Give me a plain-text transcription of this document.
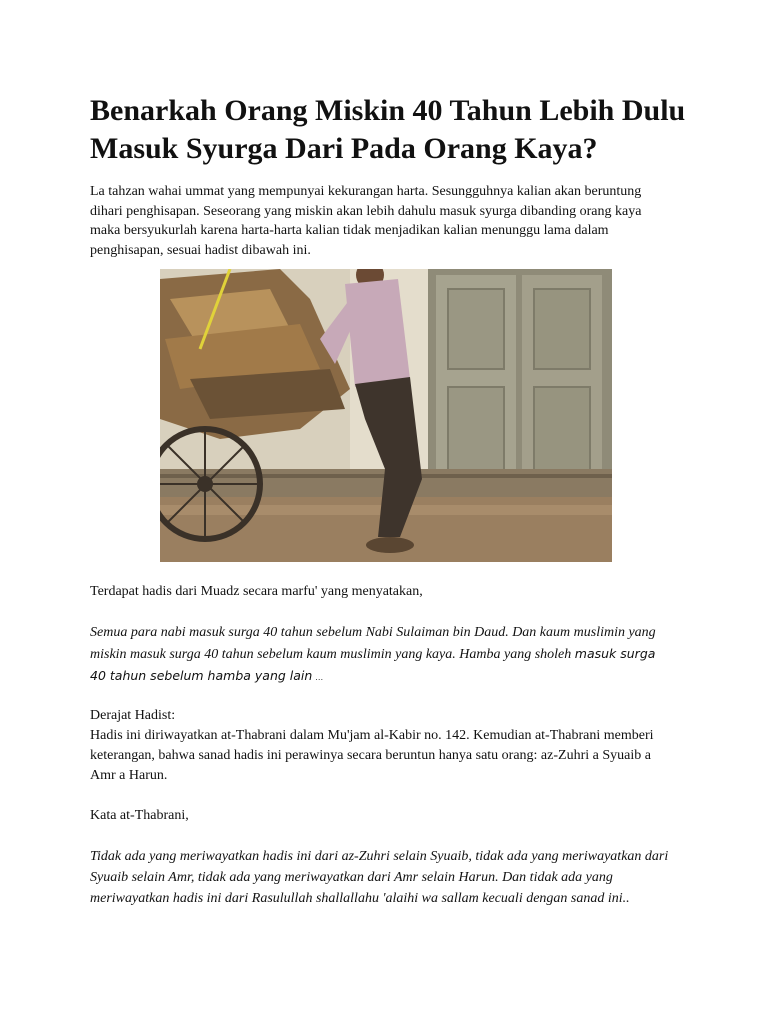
Benarkah Orang Miskin 40 Tahun Lebih Dulu Masuk Syurga Dari Pada Orang Kaya?

La tahzan wahai ummat yang mempunyai kekurangan harta. Sesungguhnya kalian akan beruntung dihari penghisapan. Seseorang yang miskin akan lebih dahulu masuk syurga dibanding orang kaya maka bersyukurlah karena harta-harta kalian tidak menjadikan kalian menunggu lama dalam penghisapan, sesuai hadist dibawah ini.

Terdapat hadis dari Muadz secara marfu' yang menyatakan,

Semua para nabi masuk surga 40 tahun sebelum Nabi Sulaiman bin Daud. Dan kaum muslimin yang miskin masuk surga 40 tahun sebelum kaum muslimin yang kaya. Hamba yang sholeh masuk surga 40 tahun sebelum hamba yang lain …

Derajat Hadist:
Hadis ini diriwayatkan at-Thabrani dalam Mu'jam al-Kabir no. 142. Kemudian at-Thabrani memberi keterangan, bahwa sanad hadis ini perawinya secara beruntun hanya satu orang: az-Zuhri a Syuaib a Amr a Harun.

Kata at-Thabrani,

Tidak ada yang meriwayatkan hadis ini dari az-Zuhri selain Syuaib, tidak ada yang meriwayatkan dari Syuaib selain Amr, tidak ada yang meriwayatkan dari Amr selain Harun. Dan tidak ada yang meriwayatkan hadis ini dari Rasulullah shallallahu 'alaihi wa sallam kecuali dengan sanad ini..
